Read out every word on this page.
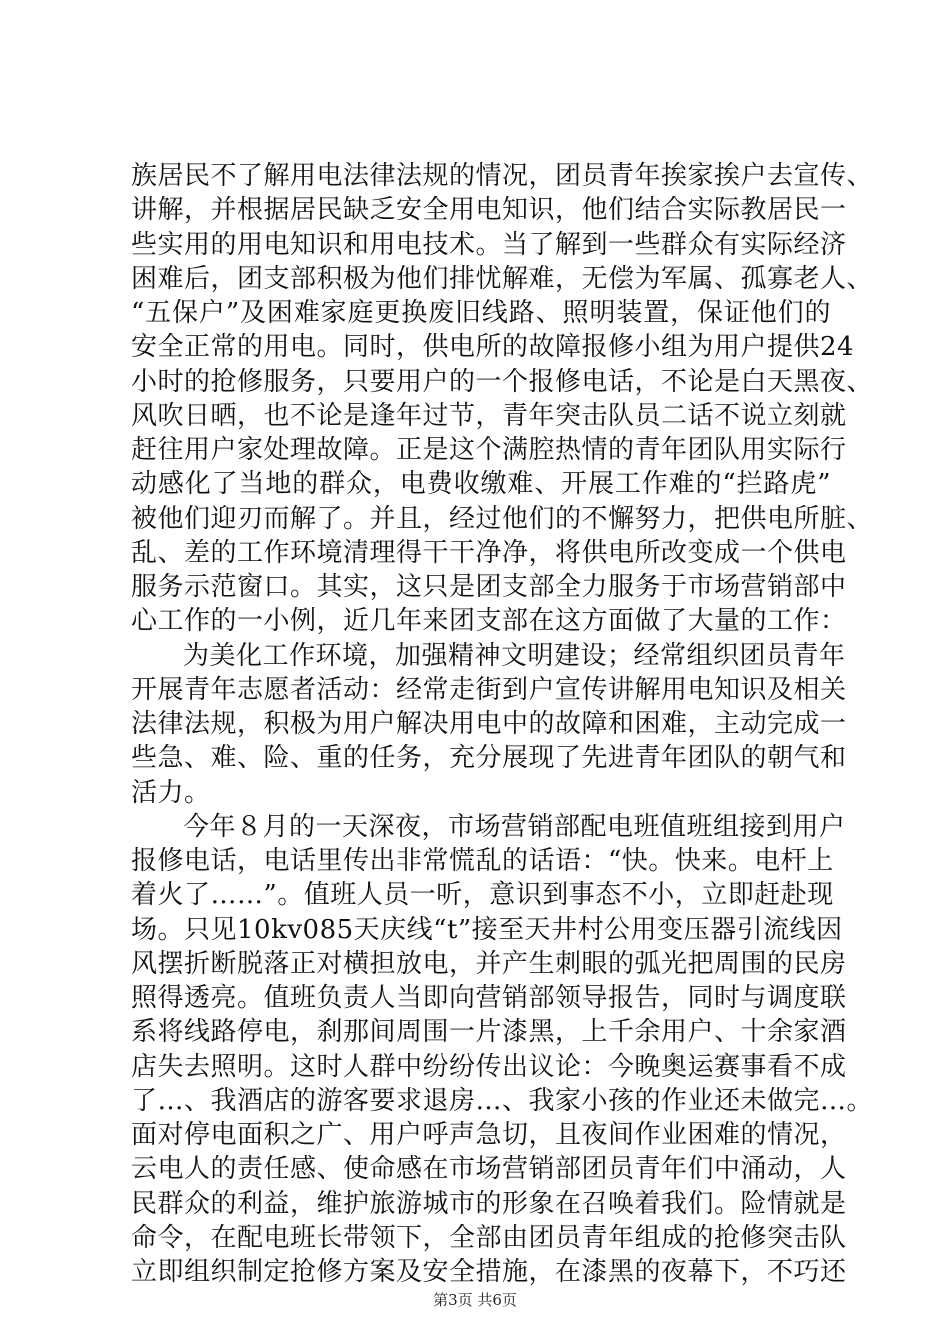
族居民不了解用电法律法规的情况，团员青年挨家挨户去宣传、
讲解，并根据居民缺乏安全用电知识，他们结合实际教居民一
些实用的用电知识和用电技术。当了解到一些群众有实际经济
困难后，团支部积极为他们排忧解难，无偿为军属、孤寡老人、
“五保户”及困难家庭更换废旧线路、照明装置，保证他们的
安全正常的用电。同时，供电所的故障报修小组为用户提供24
小时的抢修服务，只要用户的一个报修电话，不论是白天黑夜、
风吹日晒，也不论是逢年过节，青年突击队员二话不说立刻就
赶往用户家处理故障。正是这个满腔热情的青年团队用实际行
动感化了当地的群众，电费收缴难、开展工作难的“拦路虎”
被他们迎刃而解了。并且，经过他们的不懈努力，把供电所脏、
乱、差的工作环境清理得干干净净，将供电所改变成一个供电
服务示范窗口。其实，这只是团支部全力服务于市场营销部中
心工作的一小例，近几年来团支部在这方面做了大量的工作：
为美化工作环境，加强精神文明建设；经常组织团员青年
开展青年志愿者活动：经常走街到户宣传讲解用电知识及相关
法律法规，积极为用户解决用电中的故障和困难，主动完成一
些急、难、险、重的任务，充分展现了先进青年团队的朝气和
活力。
今年８月的一天深夜，市场营销部配电班值班组接到用户
报修电话，电话里传出非常慌乱的话语：“快。快来。电杆上
着火了……”。值班人员一听，意识到事态不小，立即赶赴现
场。只见10kv085天庆线“t”接至天井村公用变压器引流线因
风摆折断脱落正对横担放电，并产生刺眼的弧光把周围的民房
照得透亮。值班负责人当即向营销部领导报告，同时与调度联
系将线路停电，刹那间周围一片漆黑，上千余用户、十余家酒
店失去照明。这时人群中纷纷传出议论：今晚奥运赛事看不成
了…、我酒店的游客要求退房…、我家小孩的作业还未做完…。
面对停电面积之广、用户呼声急切，且夜间作业困难的情况，
云电人的责任感、使命感在市场营销部团员青年们中涌动，人
民群众的利益，维护旅游城市的形象在召唤着我们。险情就是
命令，在配电班长带领下，全部由团员青年组成的抢修突击队
立即组织制定抢修方案及安全措施，在漆黑的夜幕下，不巧还
第3页 共6页
